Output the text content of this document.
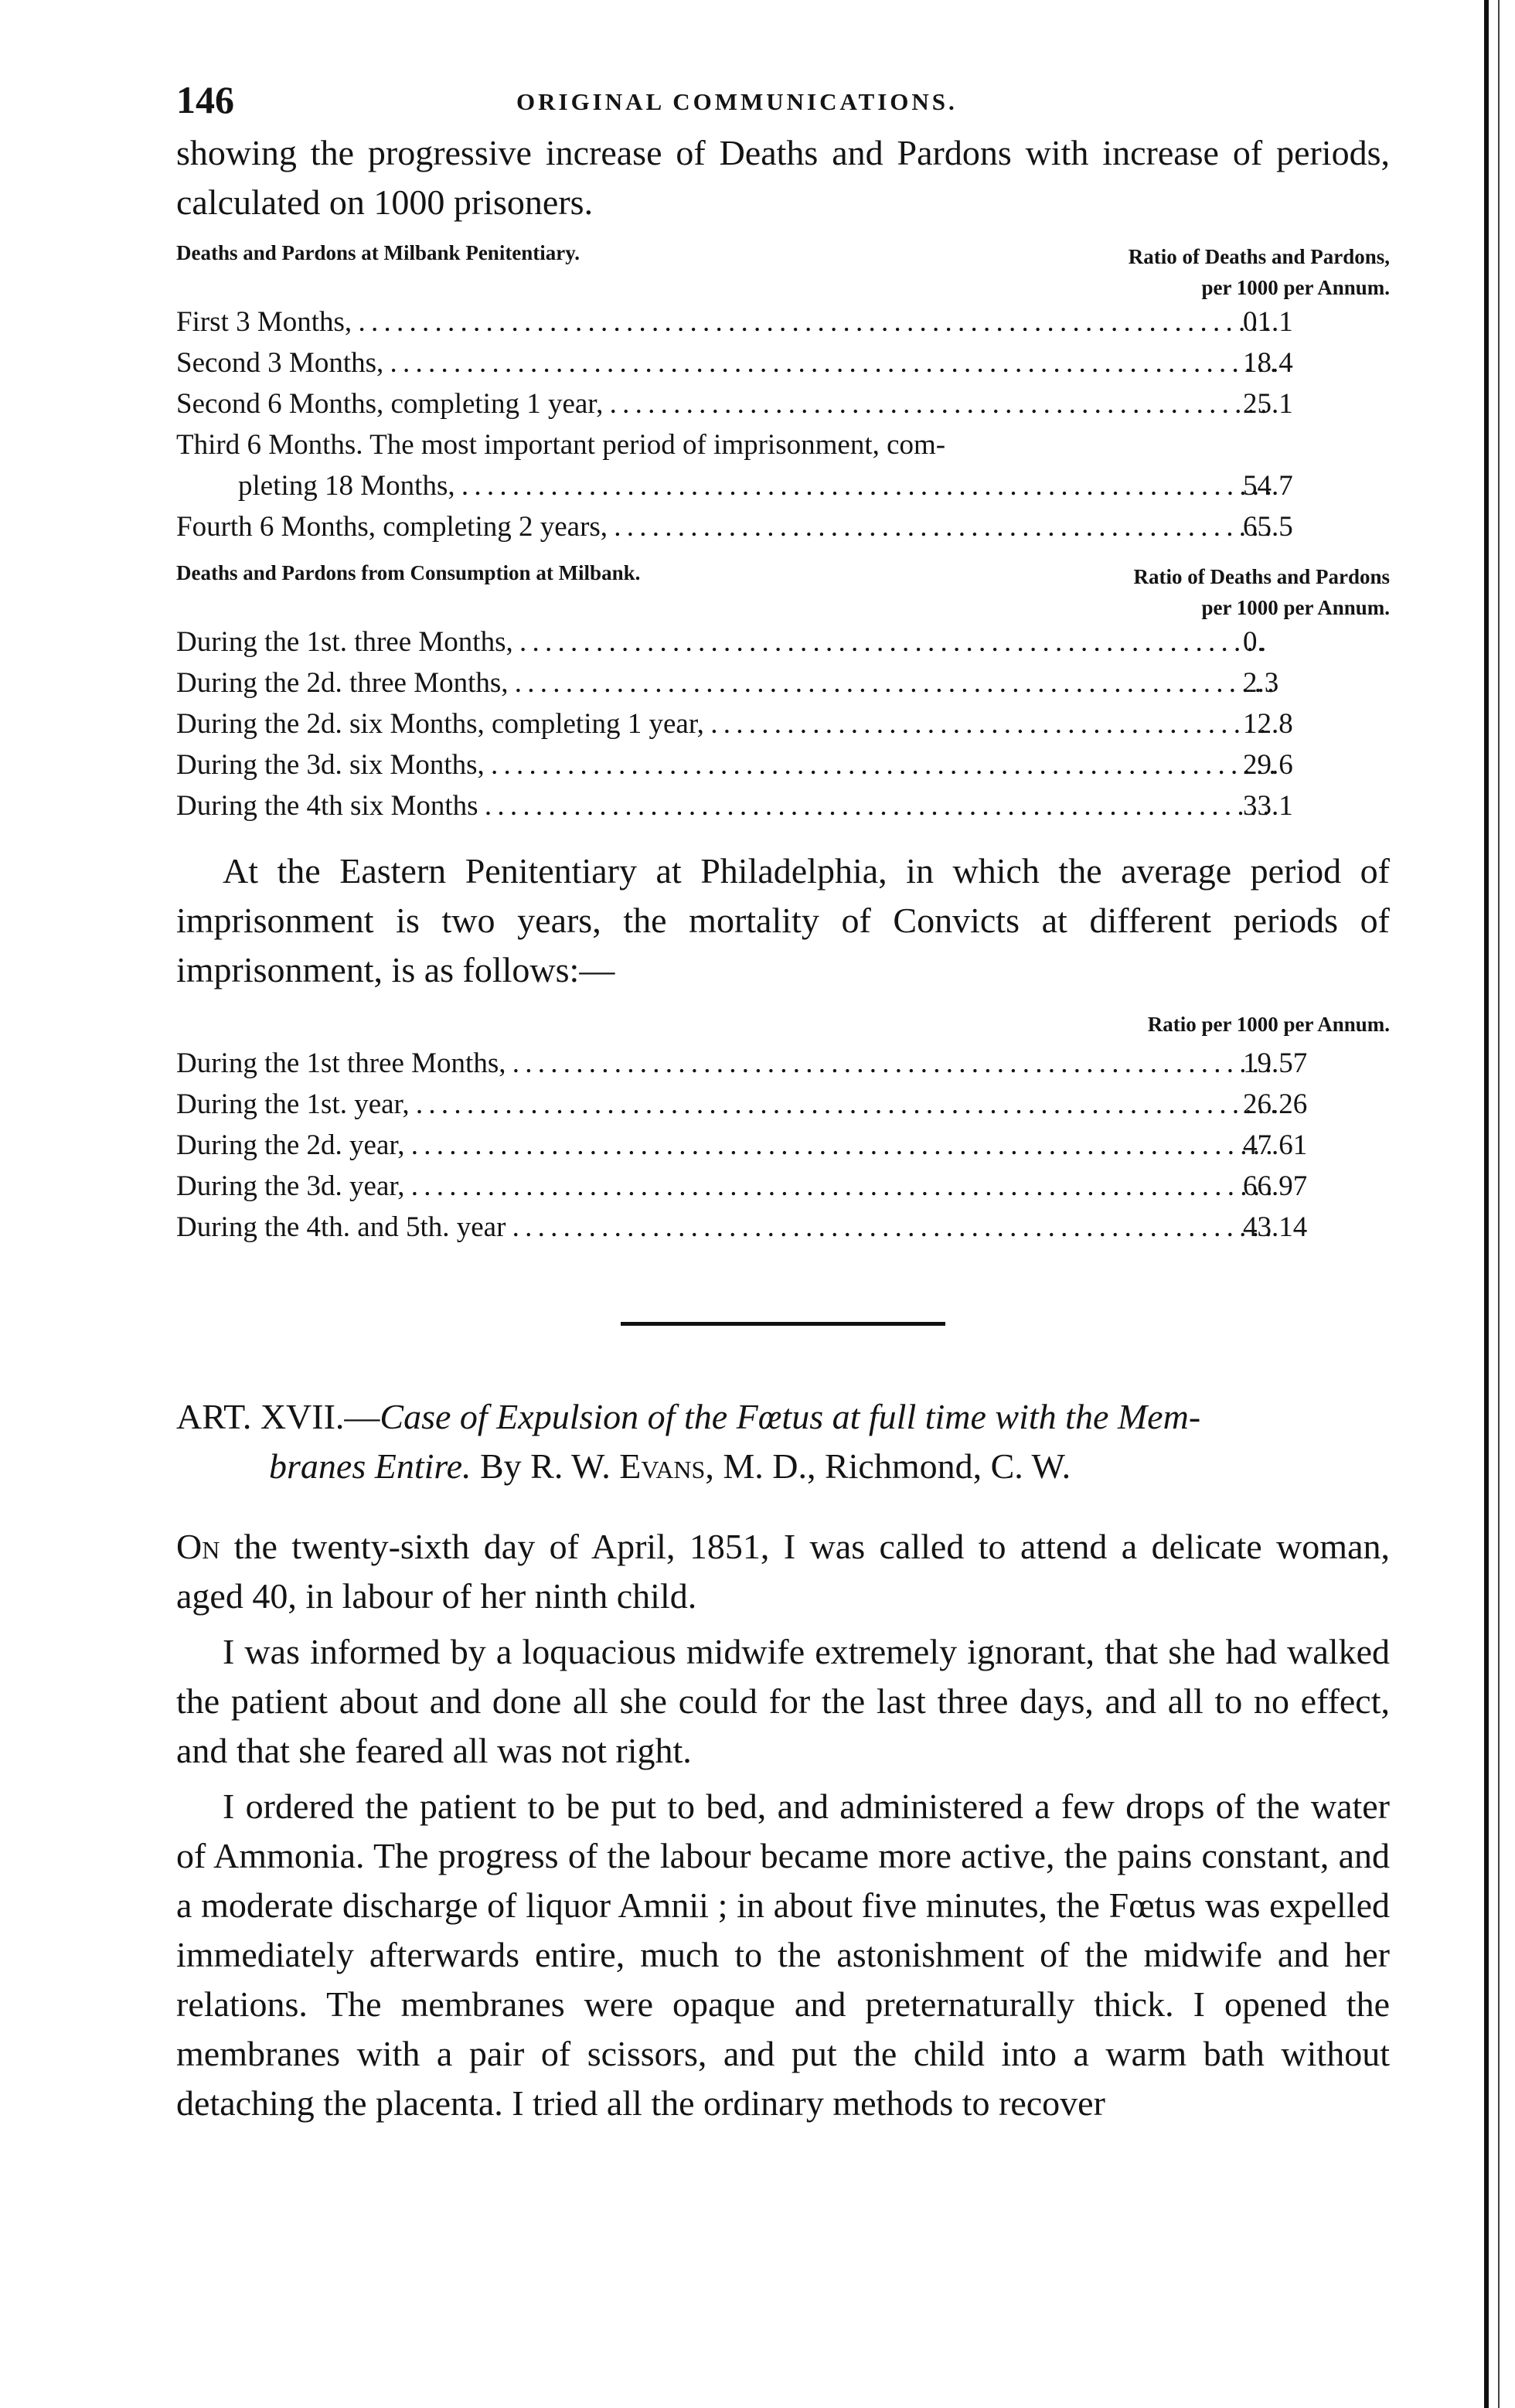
146	ORIGINAL COMMUNICATIONS.

showing the progressive increase of Deaths and Pardons with increase of periods, calculated on 1000 prisoners.

Deaths and Pardons at Milbank Penitentiary.	Ratio of Deaths and Pardons,
per 1000 per Annum.
First 3 Months, . . .	01.1
Second 3 Months, . . .	18.4
Second 6 Months, completing 1 year, . . .	25.1
Third 6 Months. The most important period of imprisonment, com-
pleting 18 Months, . . .	54.7
Fourth 6 Months, completing 2 years, . . .	65.5
Deaths and Pardons from Consumption at Milbank.	Ratio of Deaths and Pardons
per 1000 per Annum.
During the 1st. three Months, . . .	0.
During the 2d. three Months, . . .	2.3
During the 2d. six Months, completing 1 year, . . .	12.8
During the 3d. six Months, . . .	29.6
During the 4th six Months . . .	33.1

At the Eastern Penitentiary at Philadelphia, in which the average period of imprisonment is two years, the mortality of Convicts at different periods of imprisonment, is as follows:—

Ratio per 1000 per Annum.
During the 1st three Months, . . .	19.57
During the 1st. year, . . .	26.26
During the 2d. year, . . .	47.61
During the 3d. year, . . .	66.97
During the 4th. and 5th. year . . .	43.14

ART. XVII.—Case of Expulsion of the Fœtus at full time with the Mem-
branes Entire. By R. W. Evans, M. D., Richmond, C. W.

On the twenty-sixth day of April, 1851, I was called to attend a delicate woman, aged 40, in labour of her ninth child.

I was informed by a loquacious midwife extremely ignorant, that she had walked the patient about and done all she could for the last three days, and all to no effect, and that she feared all was not right.

I ordered the patient to be put to bed, and administered a few drops of the water of Ammonia. The progress of the labour became more active, the pains constant, and a moderate discharge of liquor Amnii ; in about five minutes, the Fœtus was expelled immediately afterwards entire, much to the astonishment of the midwife and her relations. The membranes were opaque and preternaturally thick. I opened the membranes with a pair of scissors, and put the child into a warm bath without detaching the placenta. I tried all the ordinary methods to recover
